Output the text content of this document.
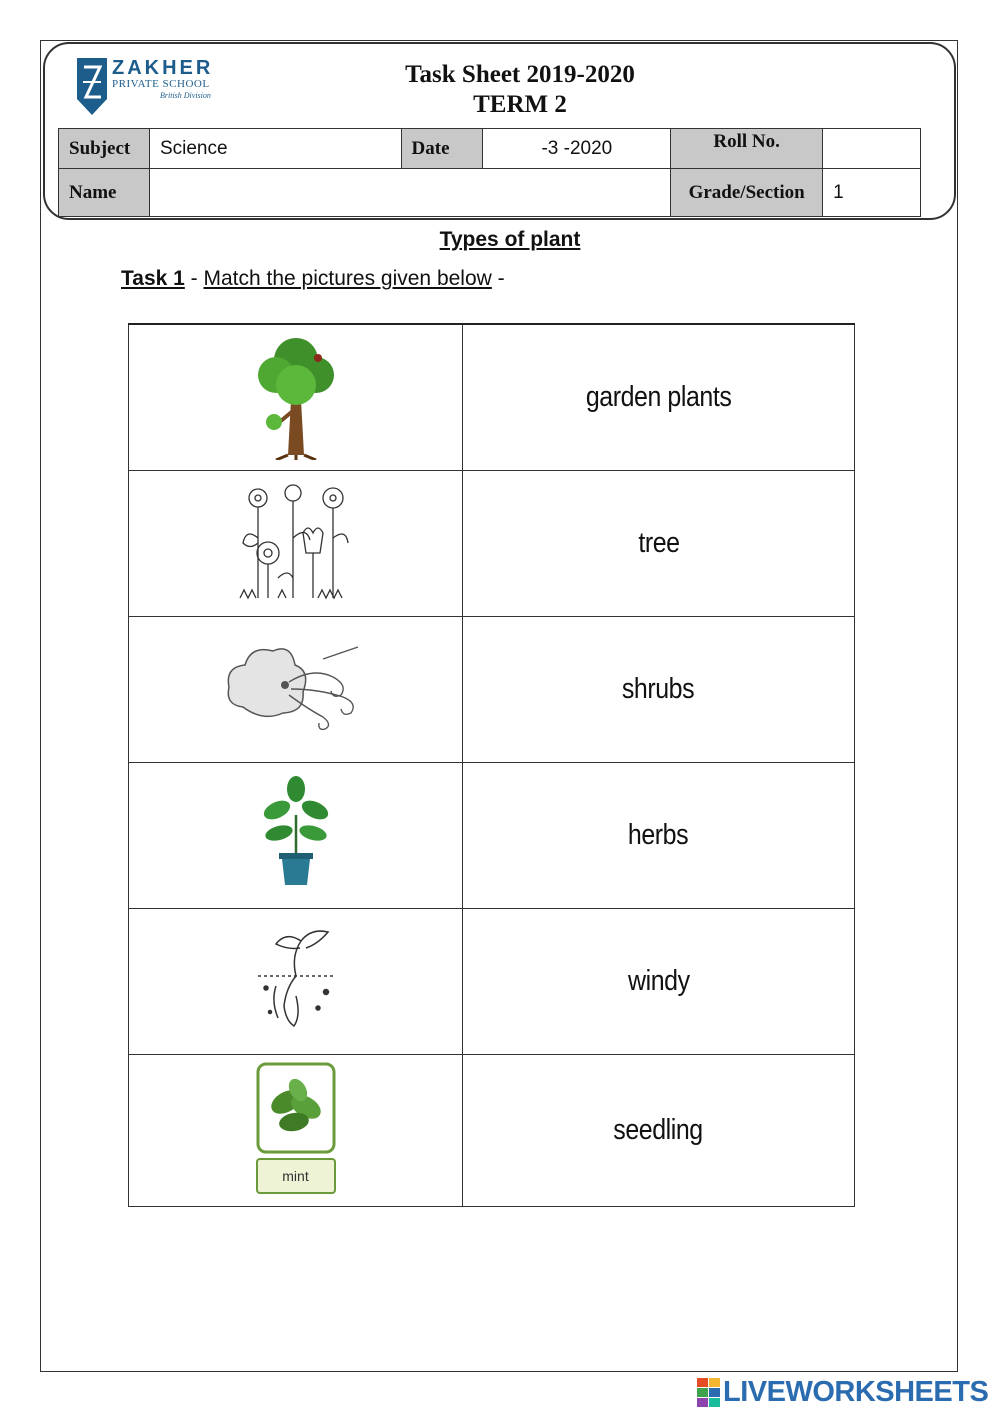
ZAKHER
PRIVATE SCHOOL
British Division
Task Sheet 2019-2020
TERM 2
Subject	Science	Date	-3 -2020	Roll No.	
Name				Grade/Section	1
Types of plant
Task 1 - Match the pictures given below -
	garden plants
	tree
	shrubs
	herbs
	windy

mint	seedling
LIVEWORKSHEETS
